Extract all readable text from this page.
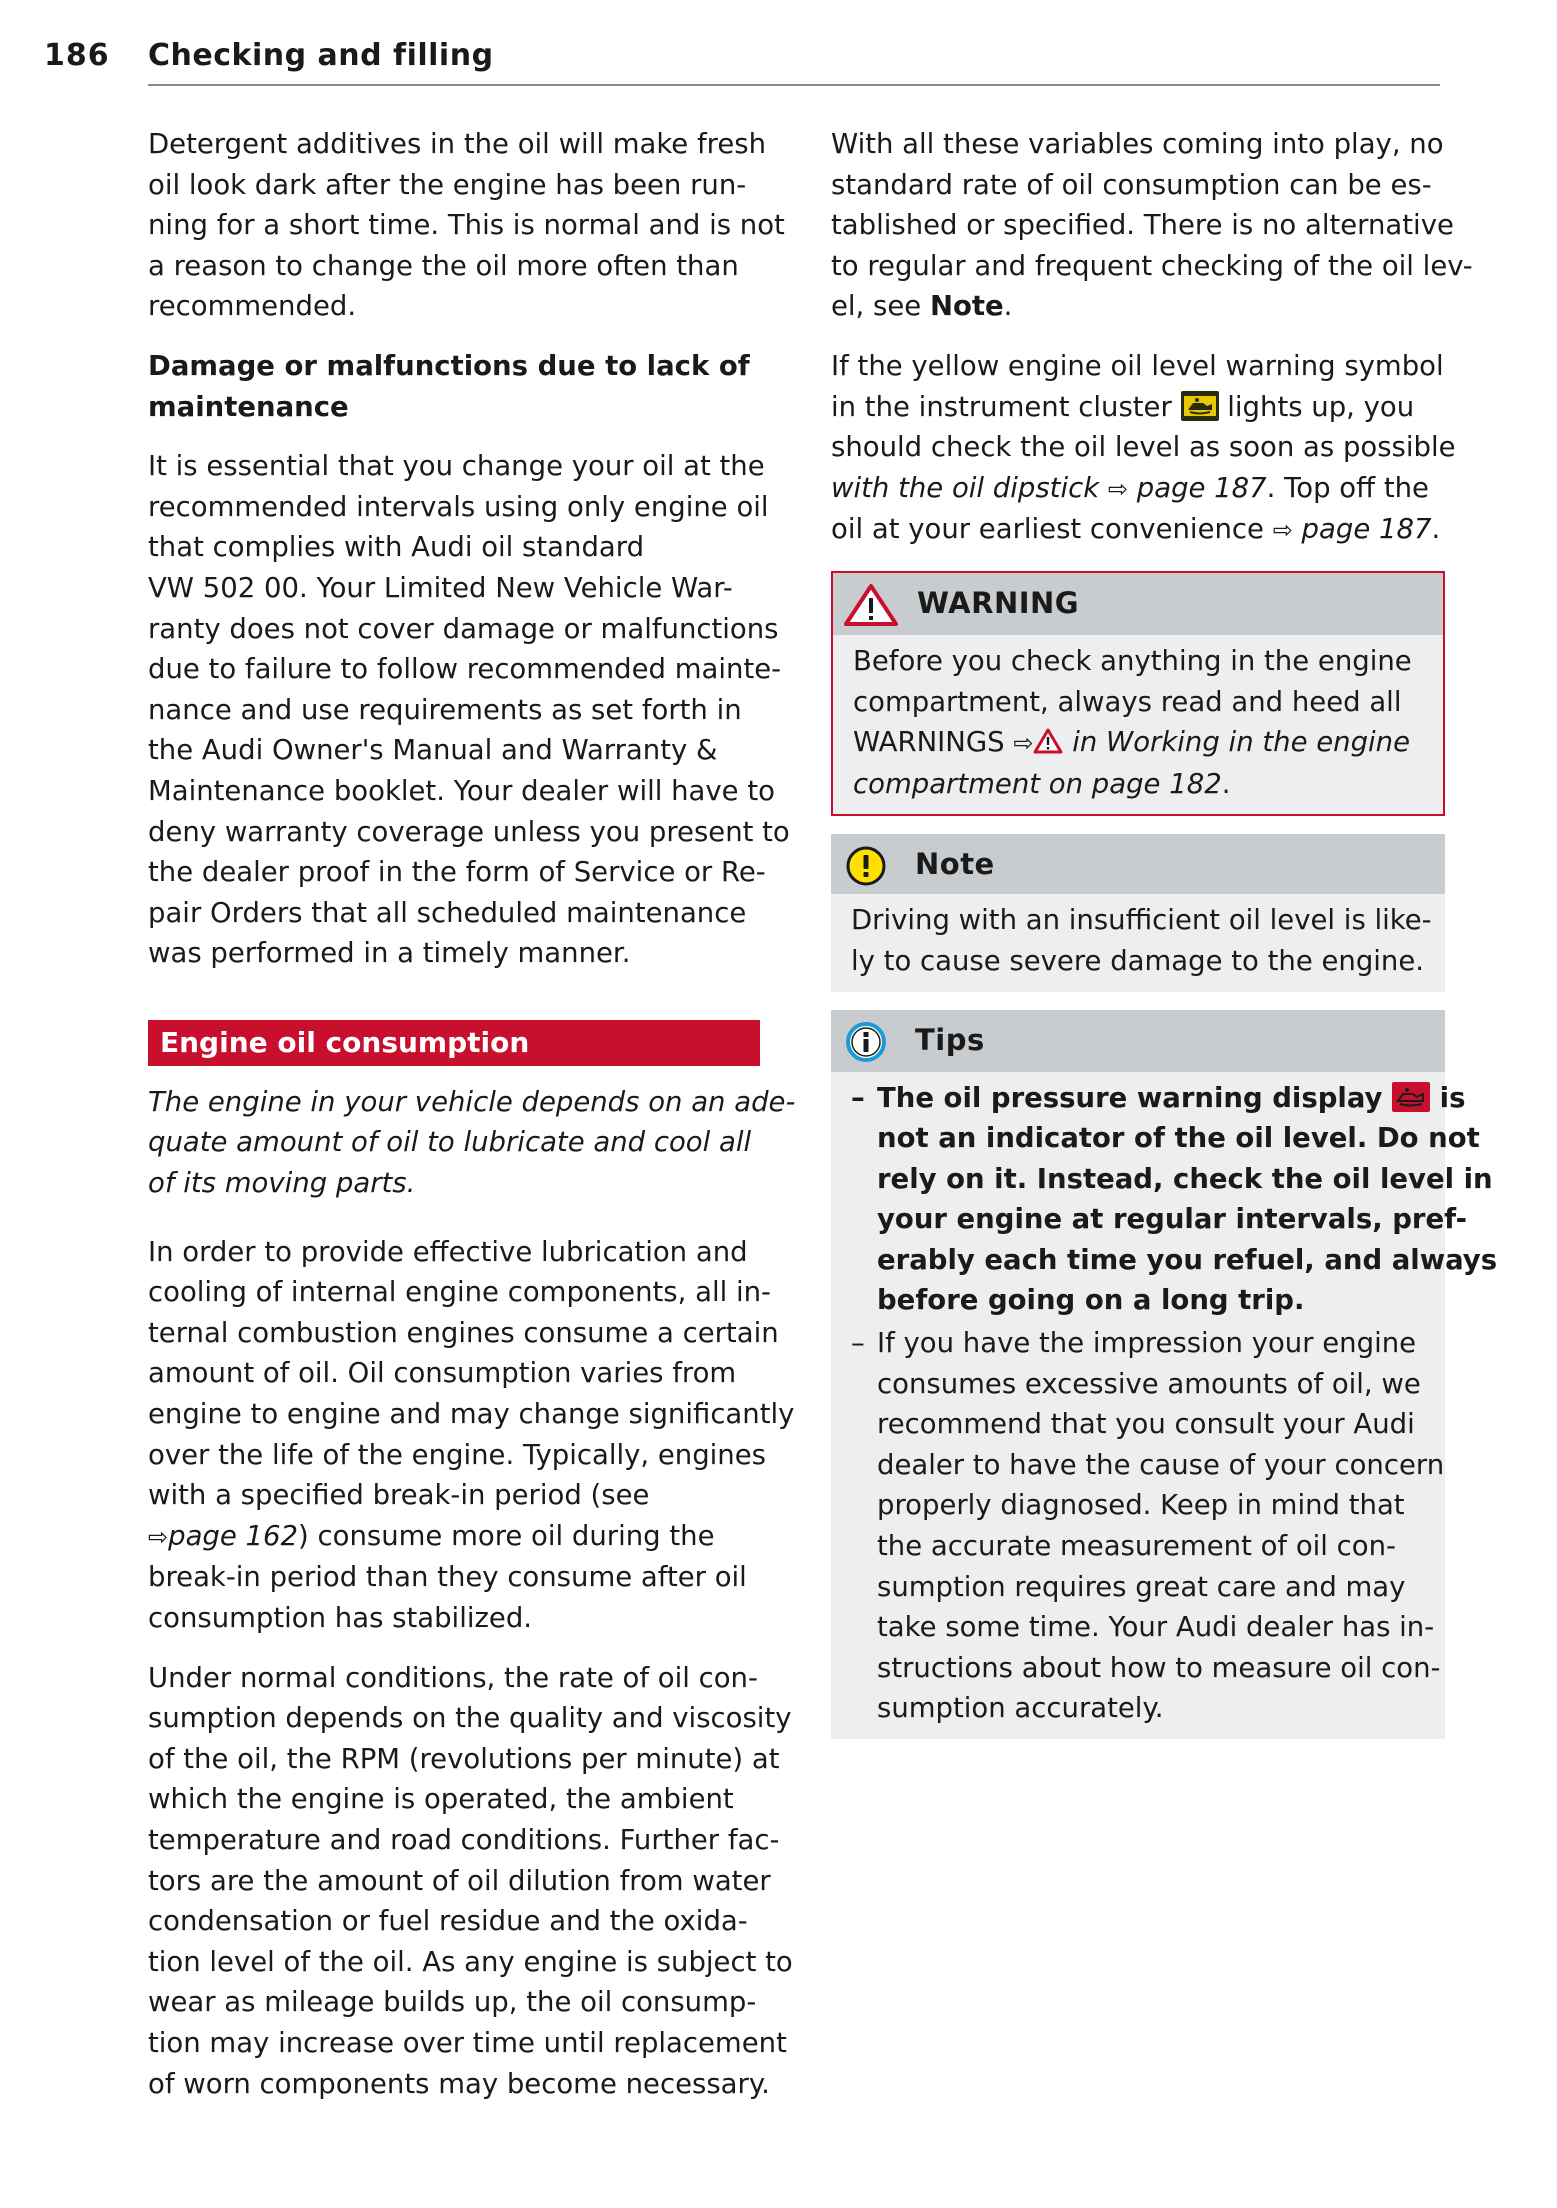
186 Checking and filling

Detergent additives in the oil will make fresh
oil look dark after the engine has been run-
ning for a short time. This is normal and is not
a reason to change the oil more often than
recommended.

Damage or malfunctions due to lack of
maintenance

It is essential that you change your oil at the
recommended intervals using only engine oil
that complies with Audi oil standard
VW 502 00. Your Limited New Vehicle War-
ranty does not cover damage or malfunctions
due to failure to follow recommended mainte-
nance and use requirements as set forth in
the Audi Owner's Manual and Warranty &
Maintenance booklet. Your dealer will have to
deny warranty coverage unless you present to
the dealer proof in the form of Service or Re-
pair Orders that all scheduled maintenance
was performed in a timely manner.

Engine oil consumption

The engine in your vehicle depends on an ade-
quate amount of oil to lubricate and cool all
of its moving parts.

In order to provide effective lubrication and
cooling of internal engine components, all in-
ternal combustion engines consume a certain
amount of oil. Oil consumption varies from
engine to engine and may change significantly
over the life of the engine. Typically, engines
with a specified break-in period (see
⇨page 162) consume more oil during the
break-in period than they consume after oil
consumption has stabilized.

Under normal conditions, the rate of oil con-
sumption depends on the quality and viscosity
of the oil, the RPM (revolutions per minute) at
which the engine is operated, the ambient
temperature and road conditions. Further fac-
tors are the amount of oil dilution from water
condensation or fuel residue and the oxida-
tion level of the oil. As any engine is subject to
wear as mileage builds up, the oil consump-
tion may increase over time until replacement
of worn components may become necessary.

With all these variables coming into play, no
standard rate of oil consumption can be es-
tablished or specified. There is no alternative
to regular and frequent checking of the oil lev-
el, see Note.

If the yellow engine oil level warning symbol
in the instrument cluster
lights up, you
should check the oil level as soon as possible
with the oil dipstick ⇨ page 187. Top off the
oil at your earliest convenience ⇨ page 187.

WARNING
Before you check anything in the engine
compartment, always read and heed all
WARNINGS ⇨ in Working in the engine
compartment on page 182.
Note
Driving with an insufficient oil level is like-
ly to cause severe damage to the engine.
Tips
– The oil pressure warning display
is
not an indicator of the oil level. Do not
rely on it. Instead, check the oil level in
your engine at regular intervals, pref-
erably each time you refuel, and always
before going on a long trip.
– If you have the impression your engine
consumes excessive amounts of oil, we
recommend that you consult your Audi
dealer to have the cause of your concern
properly diagnosed. Keep in mind that
the accurate measurement of oil con-
sumption requires great care and may
take some time. Your Audi dealer has in-
structions about how to measure oil con-
sumption accurately.
